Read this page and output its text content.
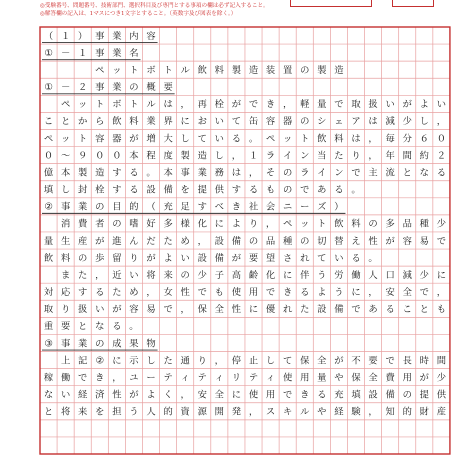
◎受験番号、問題番号、技術部門、選択科目及び専門とする事項の欄は必ず記入すること。
◎解答欄の記入は、1マスにつき1文字とすること。（英数字及び図表を除く。）
（ １ ） 事 業 内 容
① － １ 事 業 名
ペ ッ ト ボ ト ル 飲 料 製 造 装 置 の 製 造
① － ２ 事 業 の 概 要
ペ ッ ト ボ ト ル は ， 再 栓 が で き ， 軽 量 で 取 扱 い が よ い
こ と か ら 飲 料 業 界 に お い て 缶 容 器 の シ ェ ア は 減 少 し ，
ペ ッ ト 容 器 が 増 大 し て い る 。 ペ ッ ト 飲 料 は ， 毎 分 ６ ０
０ ～ ９ ０ ０ 本 程 度 製 造 し ， １ ラ イ ン 当 た り ， 年 間 約 ２
億 本 製 造 す る 。 本 事 業 務 は ， そ の ラ イ ン で 主 流 と な る
填 し 封 栓 す る 設 備 を 提 供 す る も の で あ る 。
② 事 業 の 目 的 （ 充 足 す べ き 社 会 ニ ー ズ ）
消 費 者 の 嗜 好 多 様 化 に よ り ， ペ ッ ト 飲 料 の 多 品 種 少
量 生 産 が 進 ん だ た め ， 設 備 の 品 種 の 切 替 え 性 が 容 易 で
飲 料 の 歩 留 り が よ い 設 備 が 要 望 さ れ て い る 。
ま た ， 近 い 将 来 の 少 子 高 齢 化 に 伴 う 労 働 人 口 減 少 に
対 応 す る た め ， 女 性 で も 使 用 で き る よ う に ， 安 全 で ，
取 り 扱 い が 容 易 で ， 保 全 性 に 優 れ た 設 備 で あ る こ と も
重 要 と な る 。
③ 事 業 の 成 果 物
上 記 ② に 示 し た 通 り ， 停 止 し て 保 全 が 不 要 で 長 時 間
稼 働 で き ， ユ ー テ ィ テ ィ リ テ ィ 使 用 量 や 保 全 費 用 が 少
な い 経 済 性 が よ く ， 安 全 に 使 用 で き る 充 填 設 備 の 提 供
と 将 来 を 担 う 人 的 資 源 開 発 ， ス キ ル や 経 験 ， 知 的 財 産
